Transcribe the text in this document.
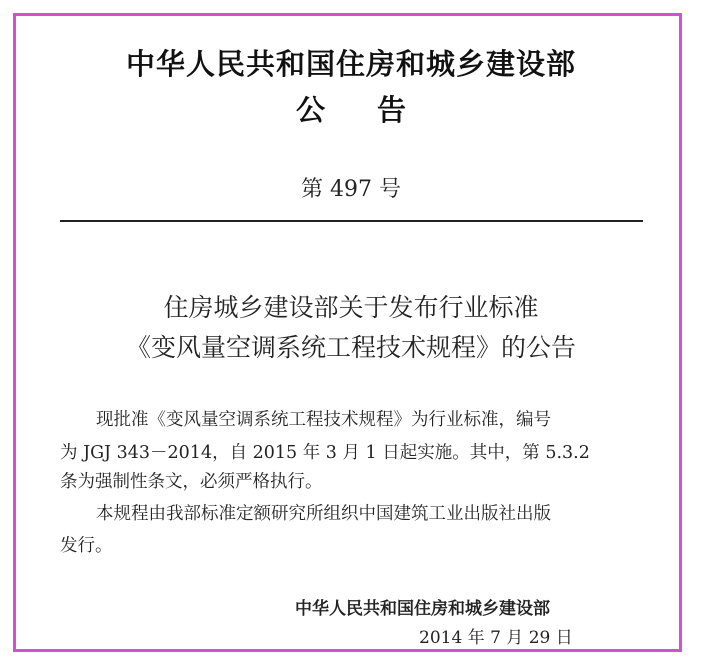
中华人民共和国住房和城乡建设部
公告
第 497 号
住房城乡建设部关于发布行业标准
《变风量空调系统工程技术规程》的公告
现批准《变风量空调系统工程技术规程》为行业标准，编号
为 JGJ 343－2014，自 2015 年 3 月 1 日起实施。其中，第 5.3.2
条为强制性条文，必须严格执行。
本规程由我部标准定额研究所组织中国建筑工业出版社出版
发行。
中华人民共和国住房和城乡建设部
2014 年 7 月 29 日
